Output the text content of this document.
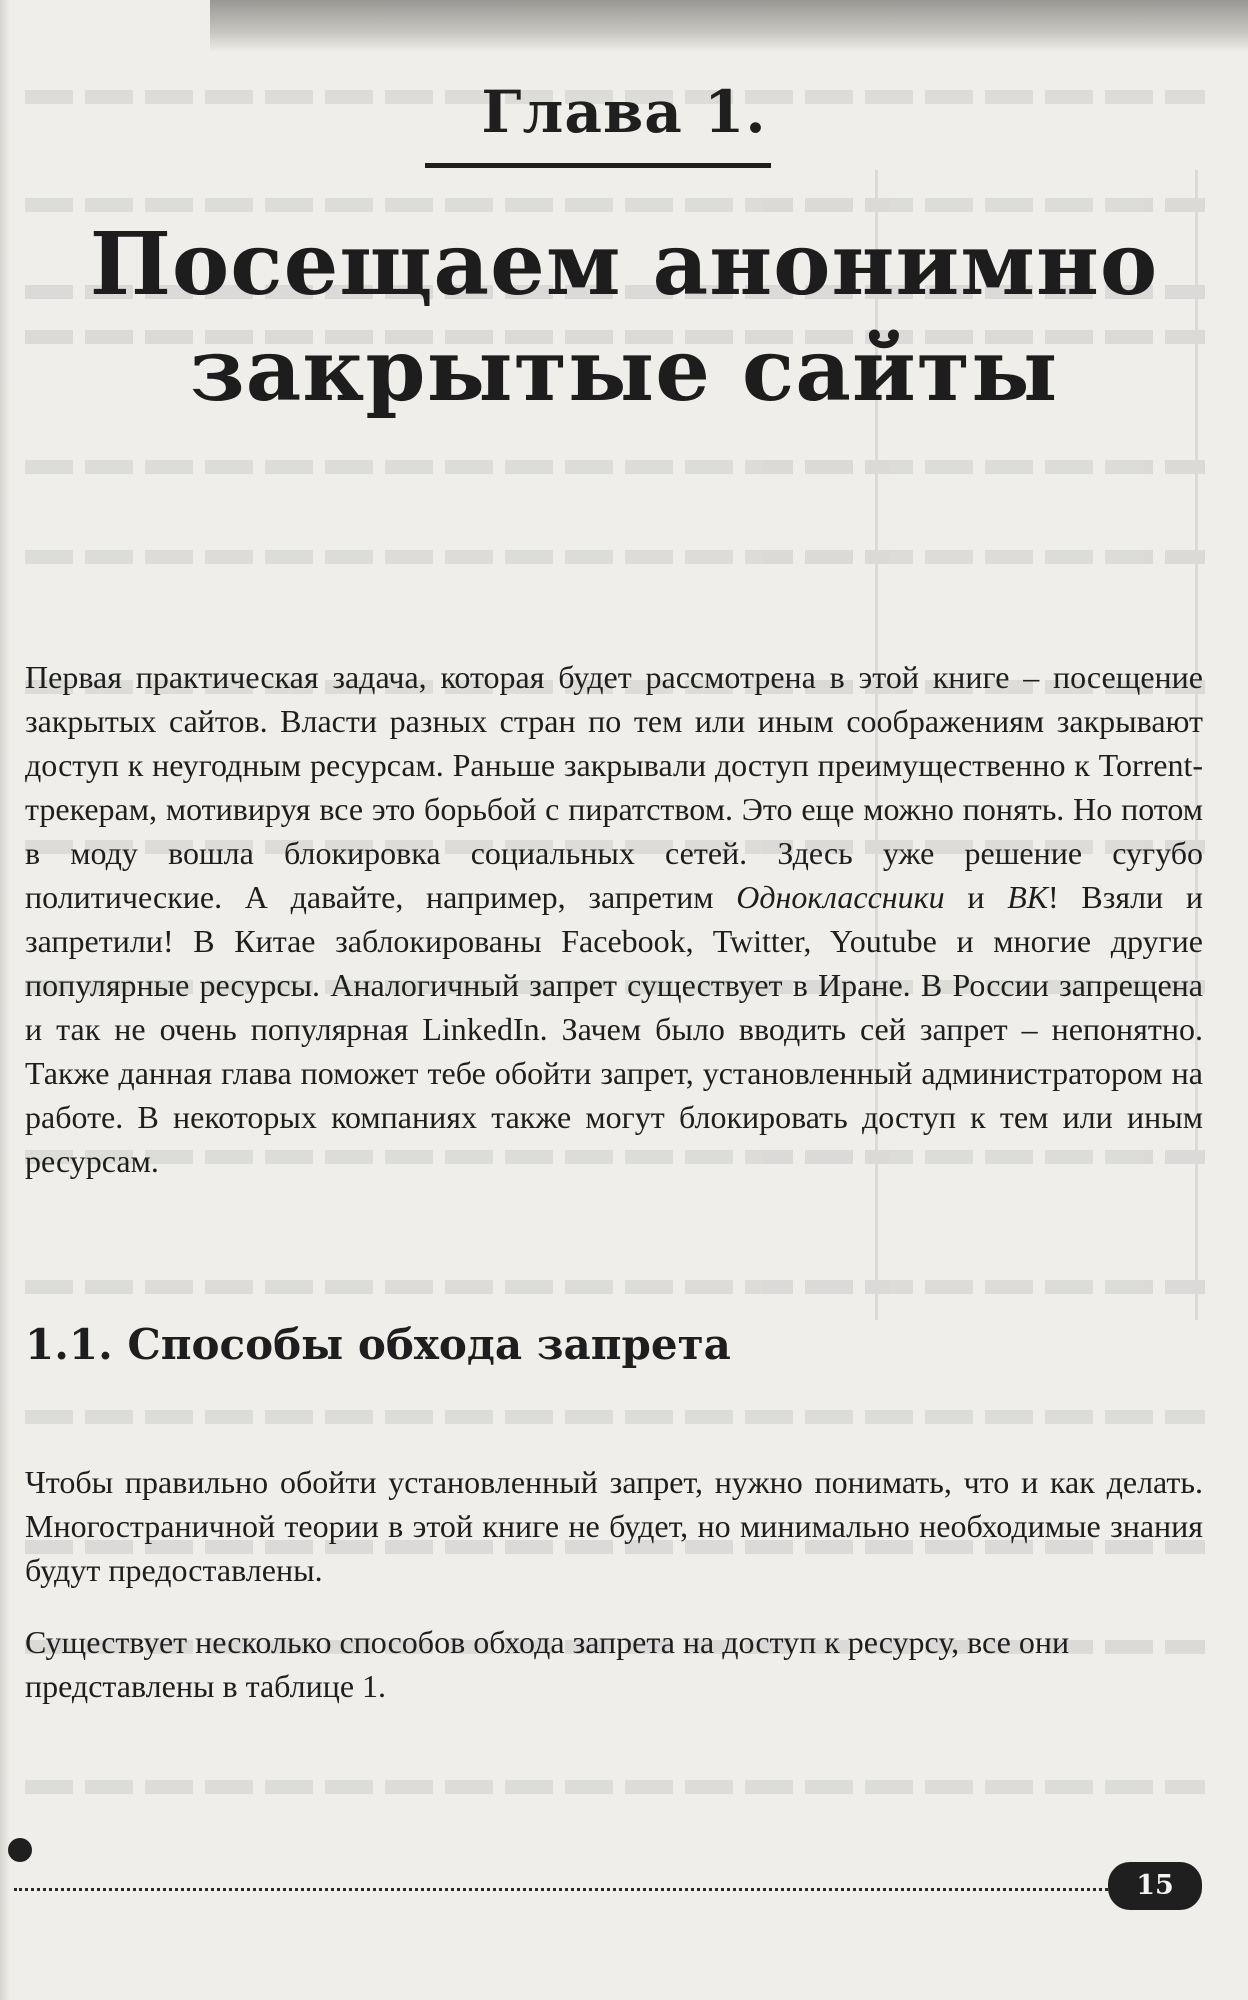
Глава 1.
Посещаем анонимно
закрытые сайты

Первая практическая задача, которая будет рассмотрена в этой книге – посещение закрытых сайтов. Власти разных стран по тем или иным соображениям закрывают доступ к неугодным ресурсам. Раньше закрывали доступ преимущественно к Torrent-трекерам, мотивируя все это борьбой с пиратством. Это еще можно понять. Но потом в моду вошла блокировка социальных сетей. Здесь уже решение сугубо политические. А давайте, например, запретим Одноклассники и ВК! Взяли и запретили! В Китае заблокированы Facebook, Twitter, Youtube и многие другие популярные ресурсы. Аналогичный запрет существует в Иране. В России запрещена и так не очень популярная LinkedIn. Зачем было вводить сей запрет – непонятно. Также данная глава поможет тебе обойти запрет, установленный администратором на работе. В некоторых компаниях также могут блокировать доступ к тем или иным ресурсам.

1.1. Способы обхода запрета

Чтобы правильно обойти установленный запрет, нужно понимать, что и как делать. Многостраничной теории в этой книге не будет, но минимально необходимые знания будут предоставлены.

Существует несколько способов обхода запрета на доступ к ресурсу, все они представлены в таблице 1.

15
